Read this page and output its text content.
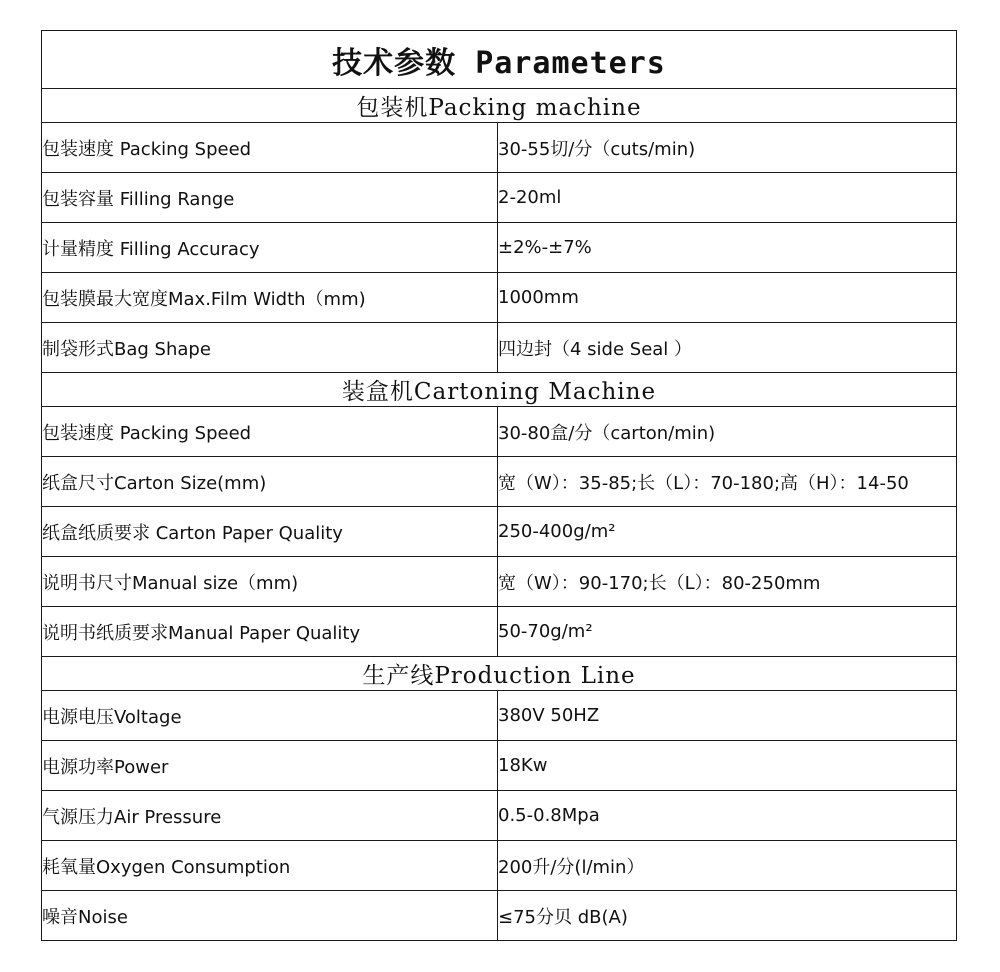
技术参数 Parameters	
包装机Packing machine	
包装速度 Packing Speed	30-55切/分（cuts/min)
包装容量 Filling Range	2-20ml
计量精度 Filling Accuracy	±2%-±7%
包装膜最大宽度Max.Film Width（mm)	1000mm
制袋形式Bag Shape	四边封（4 side Seal ）
装盒机Cartoning Machine	
包装速度 Packing Speed	30-80盒/分（carton/min)
纸盒尺寸Carton Size(mm)	宽（W）：35-85;长（L）：70-180;高（H）：14-50
纸盒纸质要求 Carton Paper Quality	250-400g/m²
说明书尺寸Manual size（mm)	宽（W）：90-170;长（L）：80-250mm
说明书纸质要求Manual Paper Quality	50-70g/m²
生产线Production Line	
电源电压Voltage	380V 50HZ
电源功率Power	18Kw
气源压力Air Pressure	0.5-0.8Mpa
耗氧量Oxygen Consumption	200升/分(l/min）
噪音Noise	≤75分贝 dB(A)
